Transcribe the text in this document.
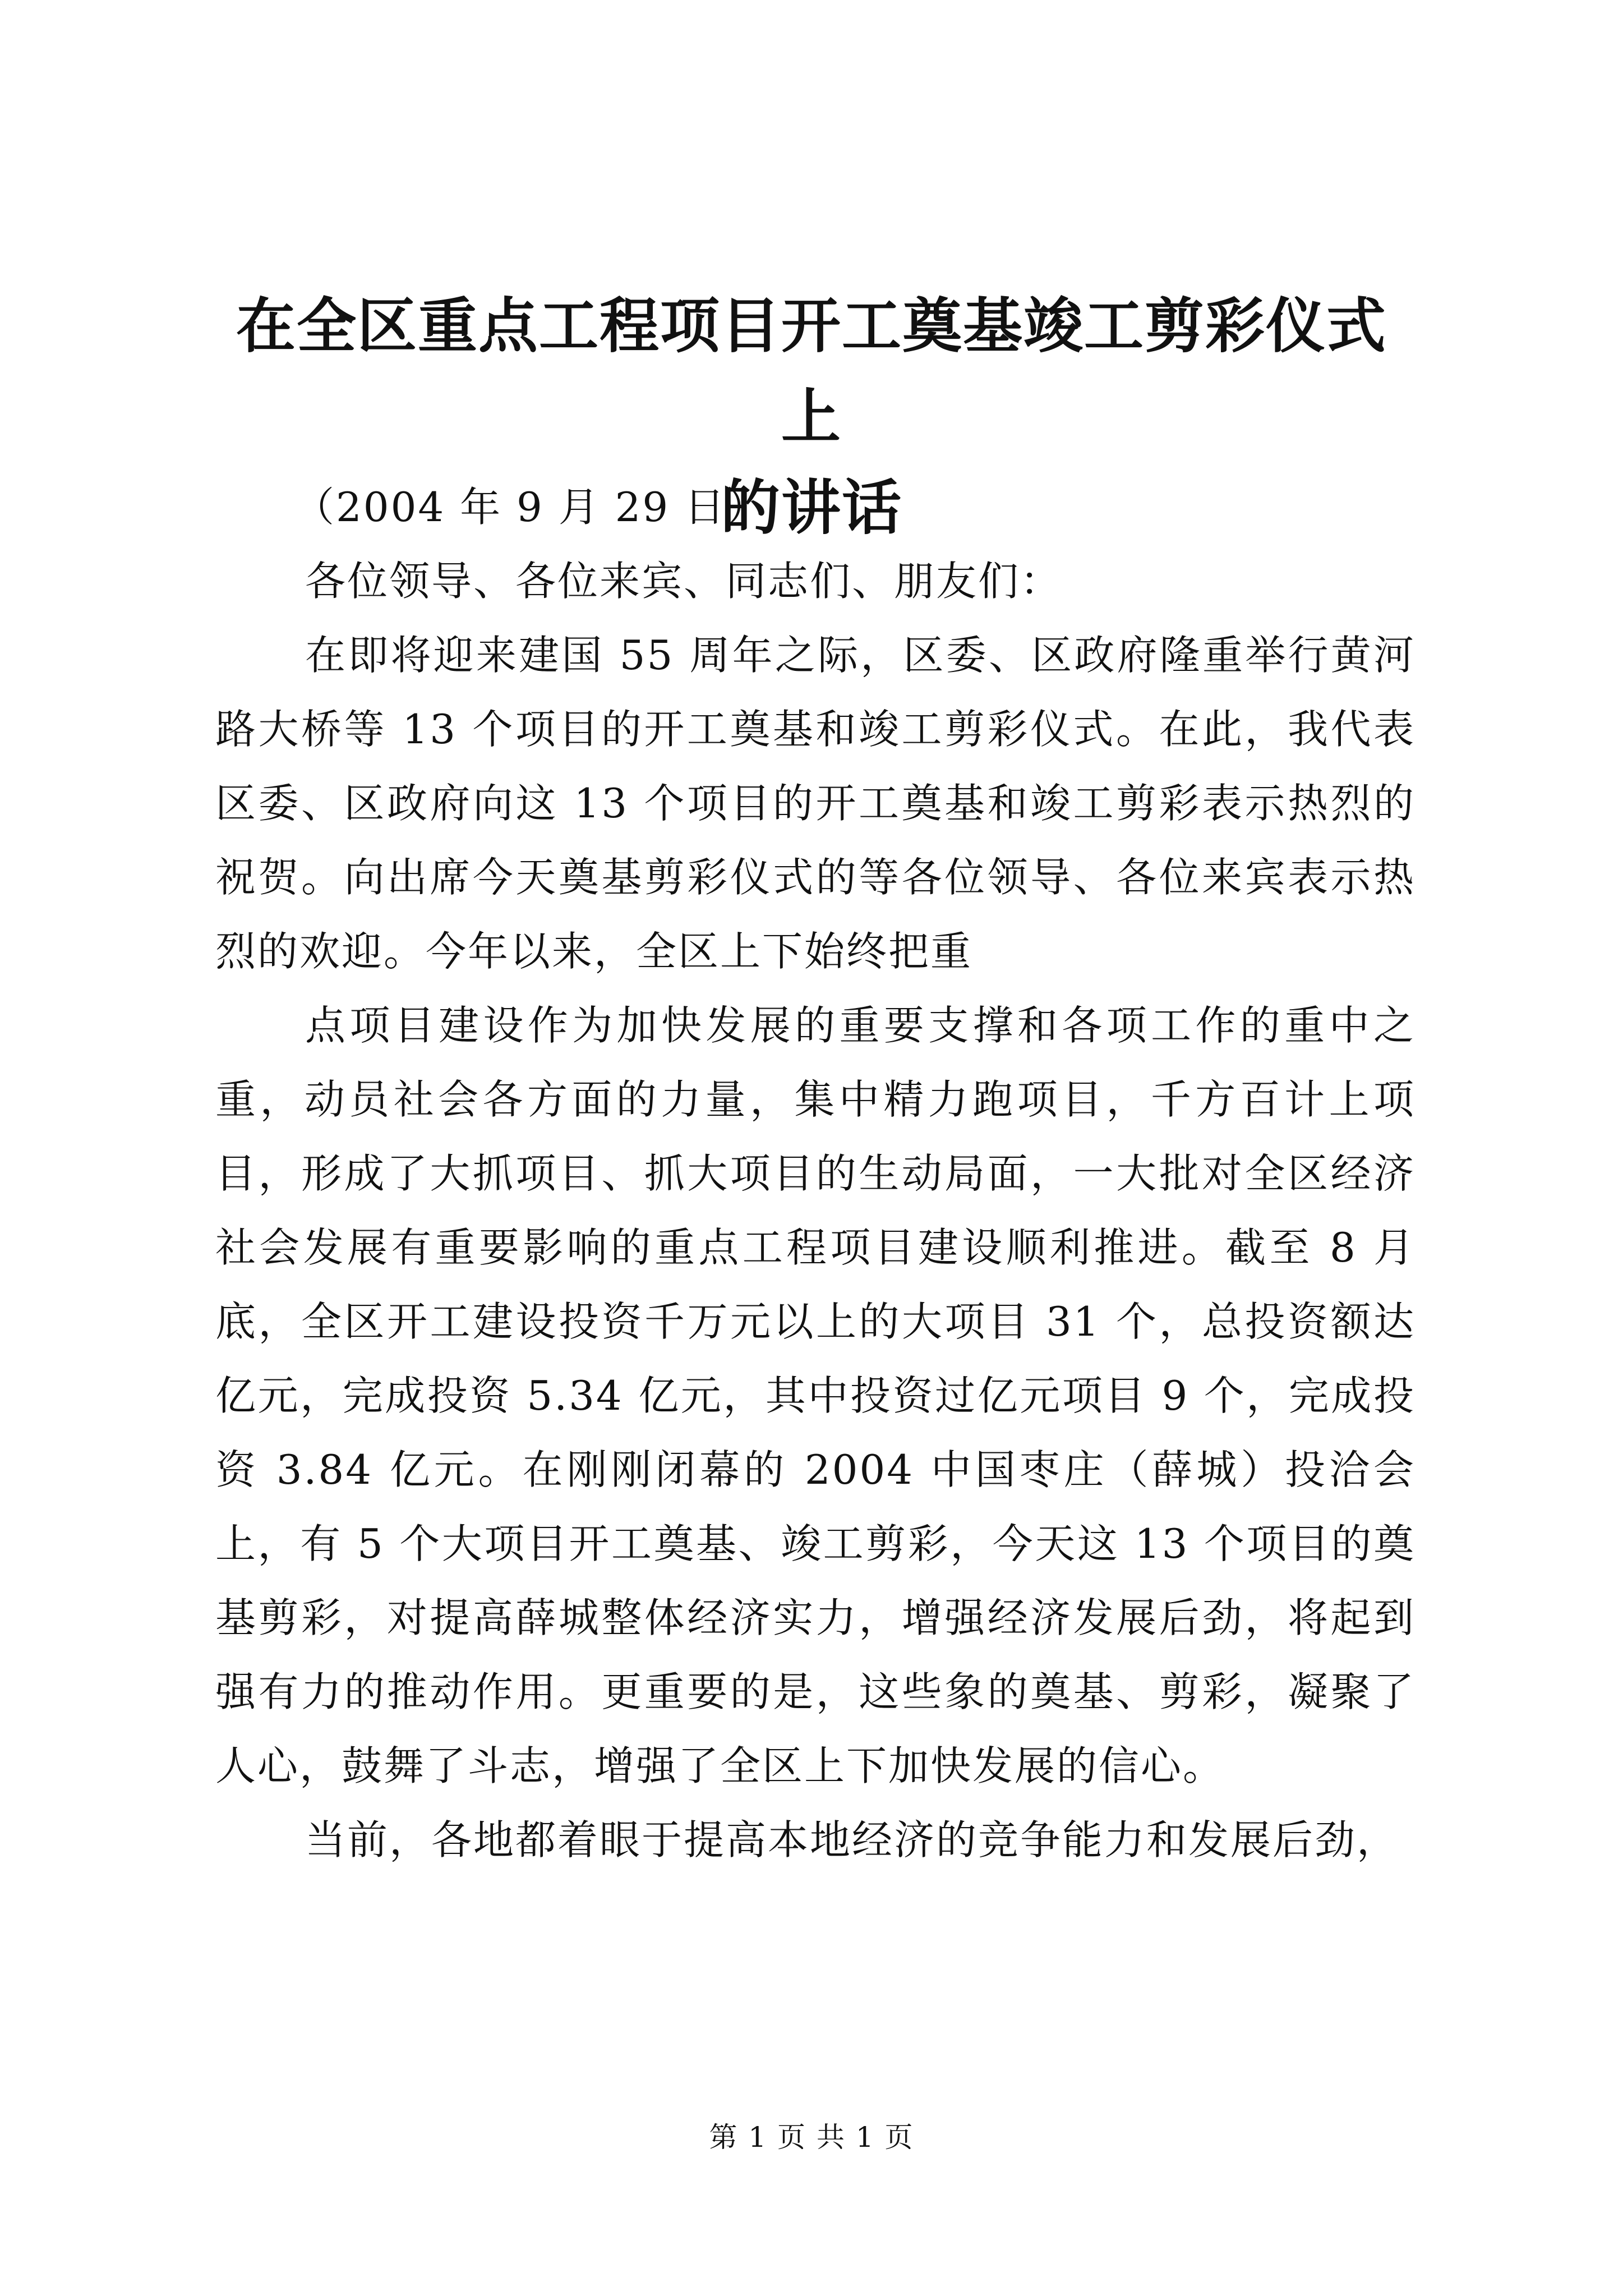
在全区重点工程项目开工奠基竣工剪彩仪式上
的讲话

（2004 年 9 月 29 日）

各位领导、各位来宾、同志们、朋友们：

在即将迎来建国 55 周年之际，区委、区政府隆重举行黄河路大桥等 13 个项目的开工奠基和竣工剪彩仪式。在此，我代表区委、区政府向这 13 个项目的开工奠基和竣工剪彩表示热烈的祝贺。向出席今天奠基剪彩仪式的等各位领导、各位来宾表示热烈的欢迎。今年以来，全区上下始终把重

点项目建设作为加快发展的重要支撑和各项工作的重中之重，动员社会各方面的力量，集中精力跑项目，千方百计上项目，形成了大抓项目、抓大项目的生动局面，一大批对全区经济社会发展有重要影响的重点工程项目建设顺利推进。截至 8 月底，全区开工建设投资千万元以上的大项目 31 个，总投资额达亿元，完成投资 5.34 亿元，其中投资过亿元项目 9 个，完成投资 3.84 亿元。在刚刚闭幕的 2004 中国枣庄（薛城）投洽会上，有 5 个大项目开工奠基、竣工剪彩，今天这 13 个项目的奠基剪彩，对提高薛城整体经济实力，增强经济发展后劲，将起到强有力的推动作用。更重要的是，这些象的奠基、剪彩，凝聚了人心，鼓舞了斗志，增强了全区上下加快发展的信心。

当前，各地都着眼于提高本地经济的竞争能力和发展后劲，

第 1 页 共 1 页
